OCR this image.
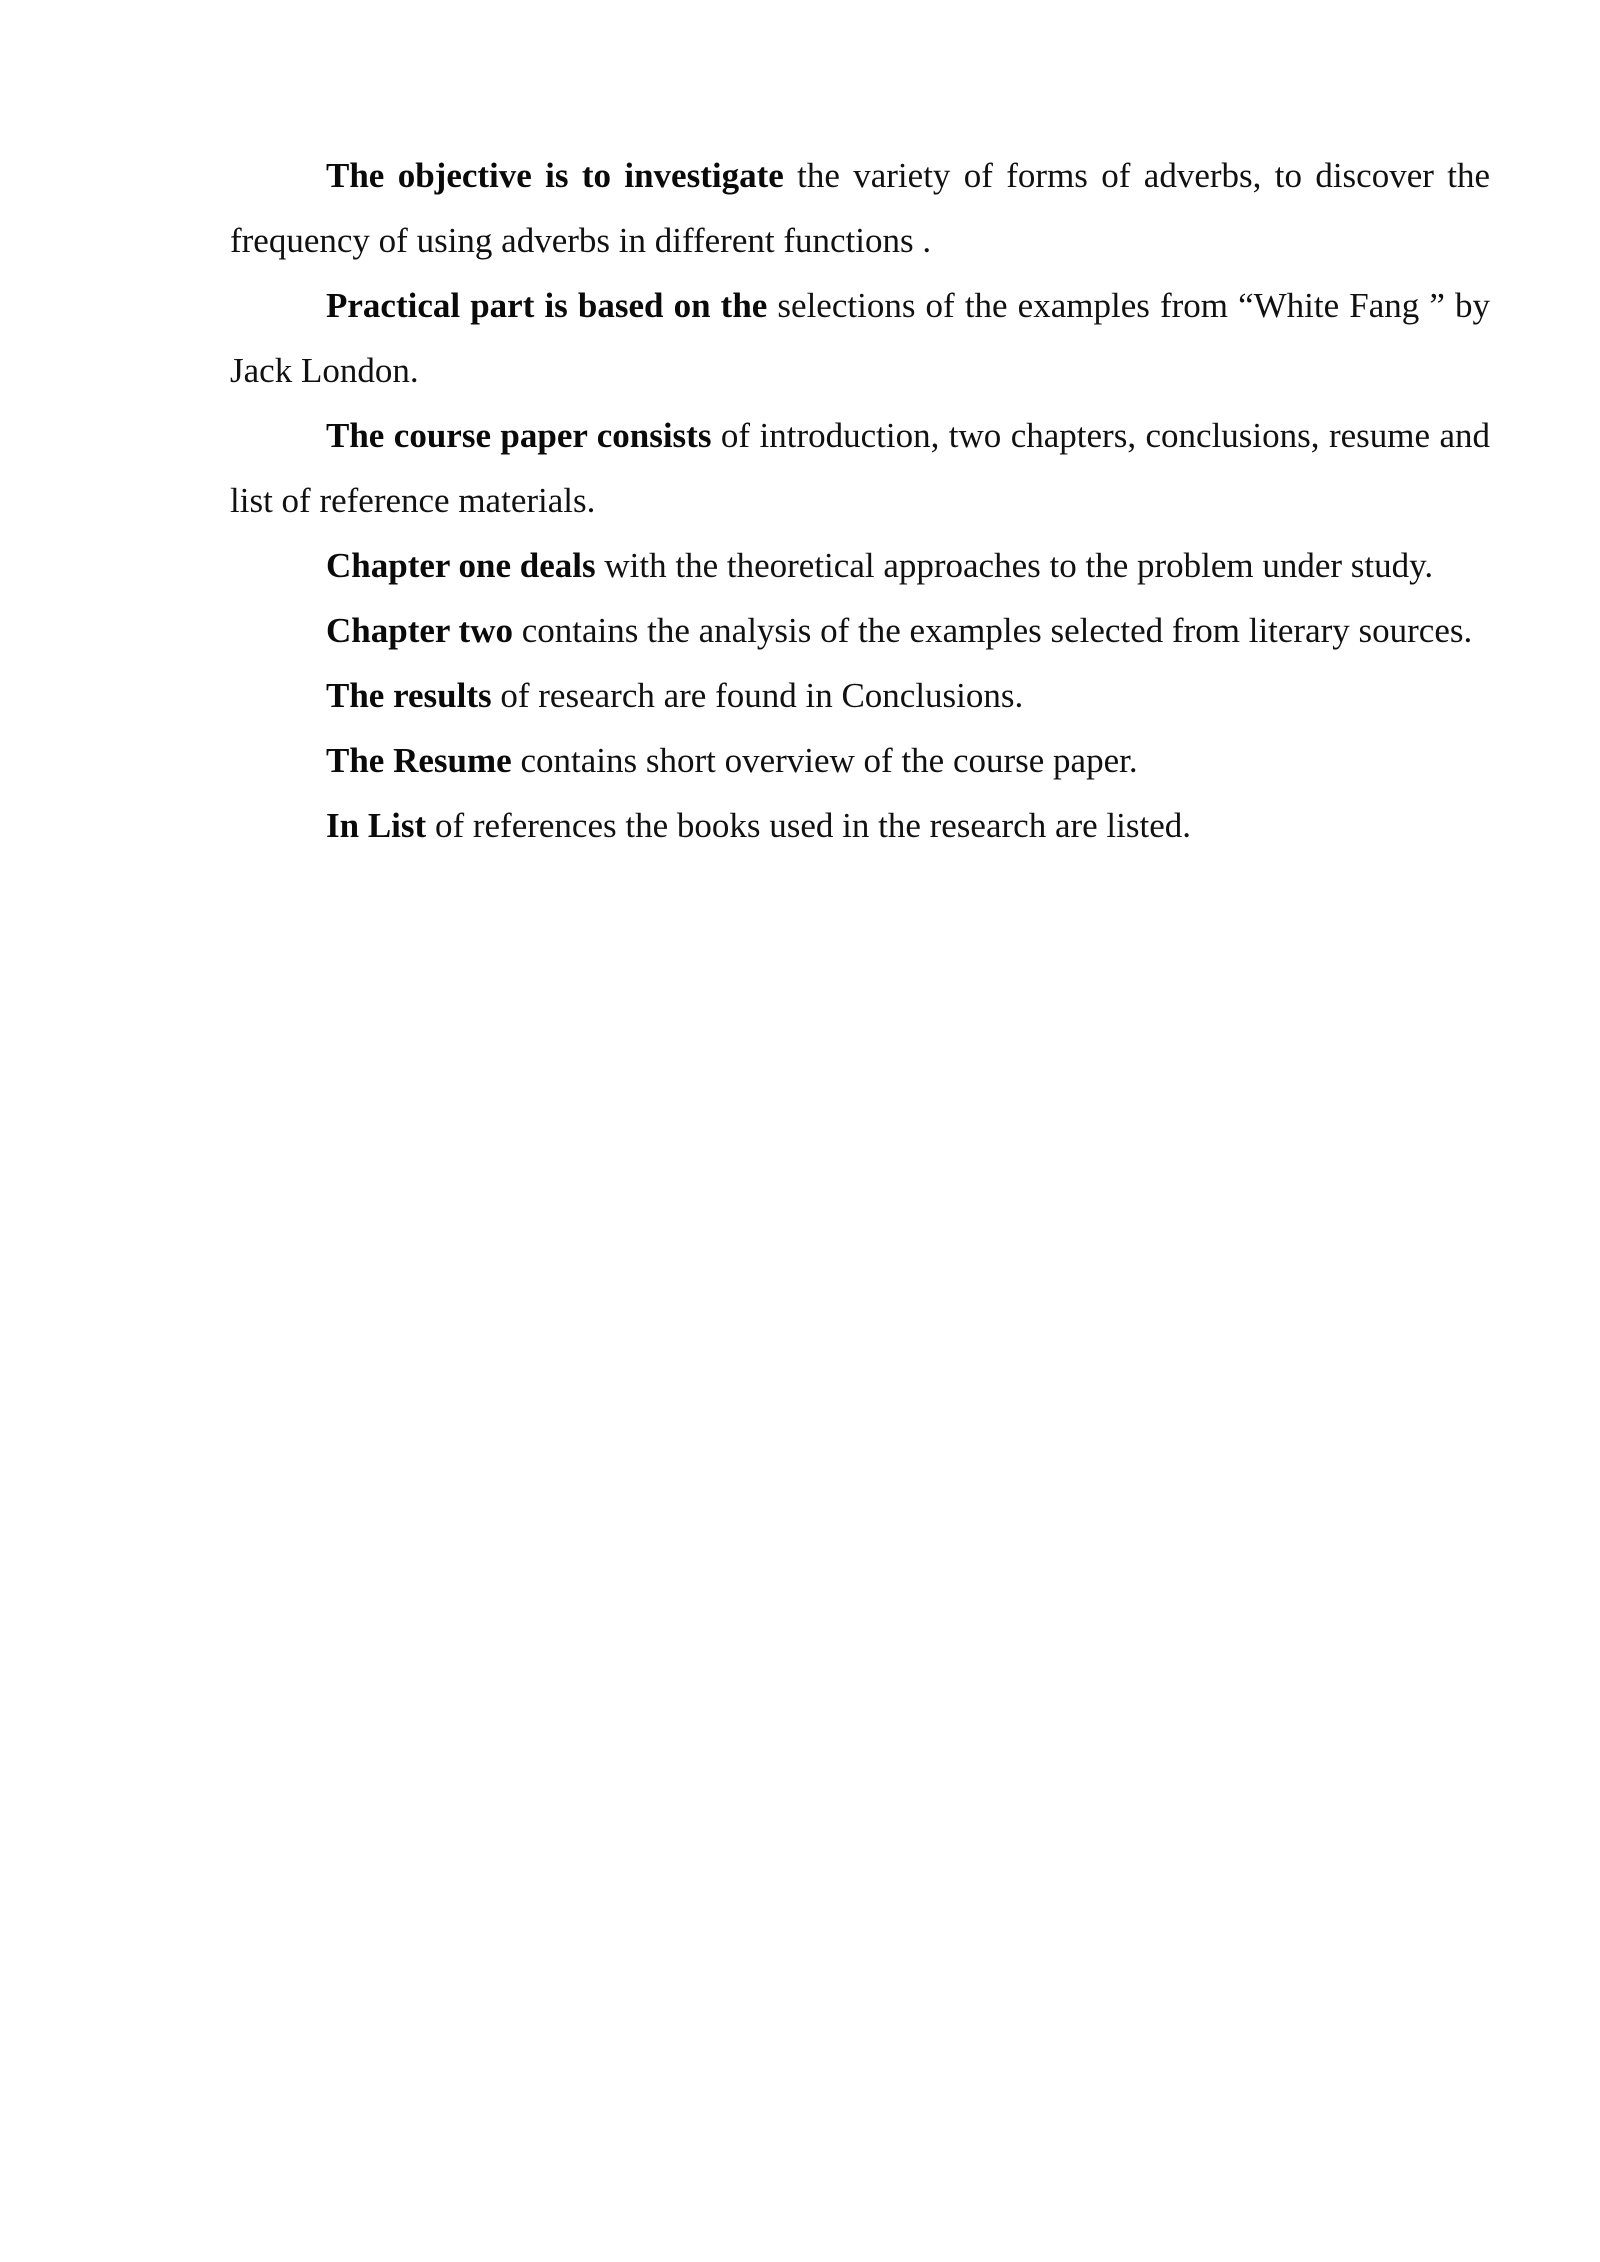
The objective is to investigate the variety of forms of adverbs, to discover the frequency of using adverbs in different functions .

Practical part is based on the selections of the examples from “White Fang ” by Jack London.

The course paper consists of introduction, two chapters, conclusions, resume and list of reference materials.

Chapter one deals with the theoretical approaches to the problem under study.

Chapter two contains the analysis of the examples selected from literary sources.

The results of research are found in Conclusions.

The Resume contains short overview of the course paper.

In List of references the books used in the research are listed.
